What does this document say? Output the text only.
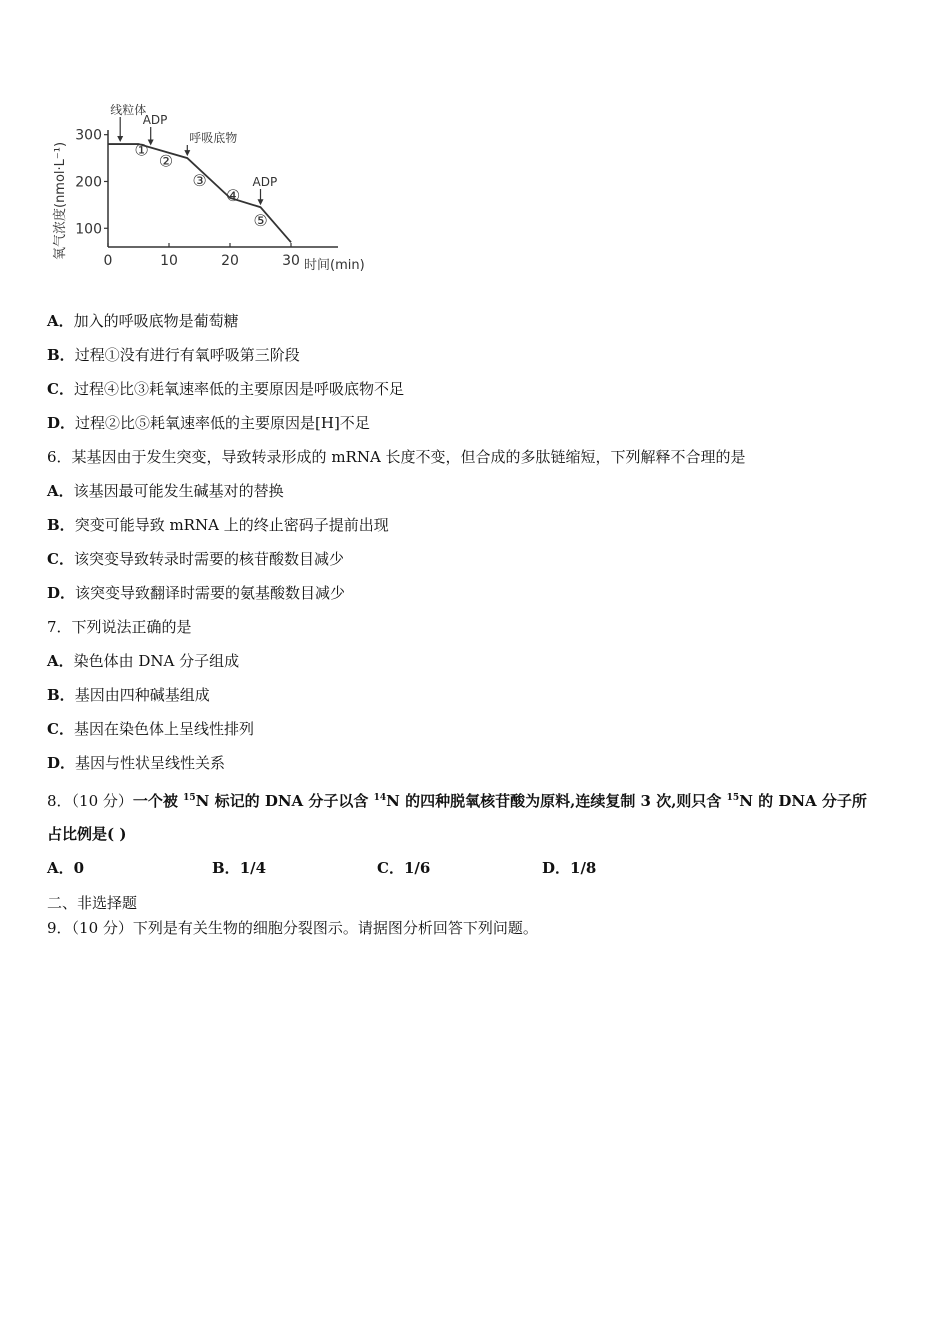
氧气浓度(nmol·L⁻¹)
300
200
100
0	10	20	30 时间(min)
线粒体
ADP
呼吸底物
ADP
①
②
③
④
⑤
A．加入的呼吸底物是葡萄糖
B．过程①没有进行有氧呼吸第三阶段
C．过程④比③耗氧速率低的主要原因是呼吸底物不足
D．过程②比⑤耗氧速率低的主要原因是[H]不足
6．某基因由于发生突变，导致转录形成的 mRNA 长度不变，但合成的多肽链缩短，下列解释不合理的是
A．该基因最可能发生碱基对的替换
B．突变可能导致 mRNA 上的终止密码子提前出现
C．该突变导致转录时需要的核苷酸数目减少
D．该突变导致翻译时需要的氨基酸数目减少
7．下列说法正确的是
A．染色体由 DNA 分子组成
B．基因由四种碱基组成
C．基因在染色体上呈线性排列
D．基因与性状呈线性关系
8．（10 分）一个被 $^{15}$N 标记的 DNA 分子以含 $^{14}$N 的四种脱氧核苷酸为原料,连续复制 3 次,则只含 $^{15}$N 的 DNA 分子所
占比例是( )
A．0	B．1/4	C．1/6	D．1/8
二、非选择题
9．（10 分）下列是有关生物的细胞分裂图示。请据图分析回答下列问题。
